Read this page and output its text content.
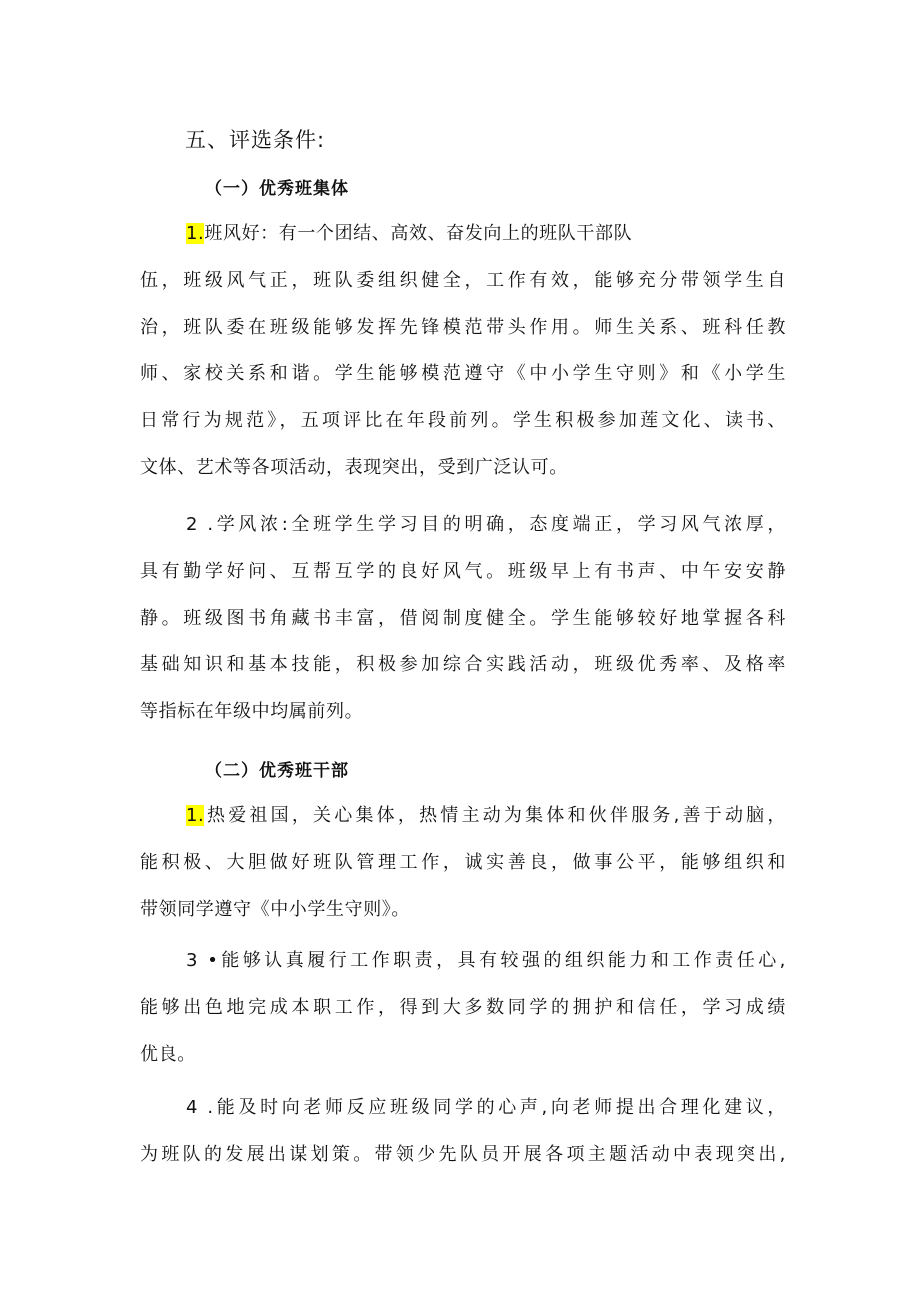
五、评选条件:
（一）优秀班集体
1.班风好：有一个团结、高效、奋发向上的班队干部队
伍，班级风气正，班队委组织健全，工作有效，能够充分带领学生自
治，班队委在班级能够发挥先锋模范带头作用。师生关系、班科任教
师、家校关系和谐。学生能够模范遵守《中小学生守则》和《小学生
日常行为规范》，五项评比在年段前列。学生积极参加莲文化、读书、
文体、艺术等各项活动，表现突出，受到广泛认可。
2 .学风浓:全班学生学习目的明确，态度端正，学习风气浓厚，
具有勤学好问、互帮互学的良好风气。班级早上有书声、中午安安静
静。班级图书角藏书丰富，借阅制度健全。学生能够较好地掌握各科
基础知识和基本技能，积极参加综合实践活动，班级优秀率、及格率
等指标在年级中均属前列。
（二）优秀班干部
1.热爱祖国，关心集体，热情主动为集体和伙伴服务,善于动脑，
能积极、大胆做好班队管理工作，诚实善良，做事公平，能够组织和
带领同学遵守《中小学生守则》。
3 •能够认真履行工作职责，具有较强的组织能力和工作责任心,
能够出色地完成本职工作，得到大多数同学的拥护和信任，学习成绩
优良。
4 .能及时向老师反应班级同学的心声,向老师提出合理化建议，
为班队的发展出谋划策。带领少先队员开展各项主题活动中表现突出,
